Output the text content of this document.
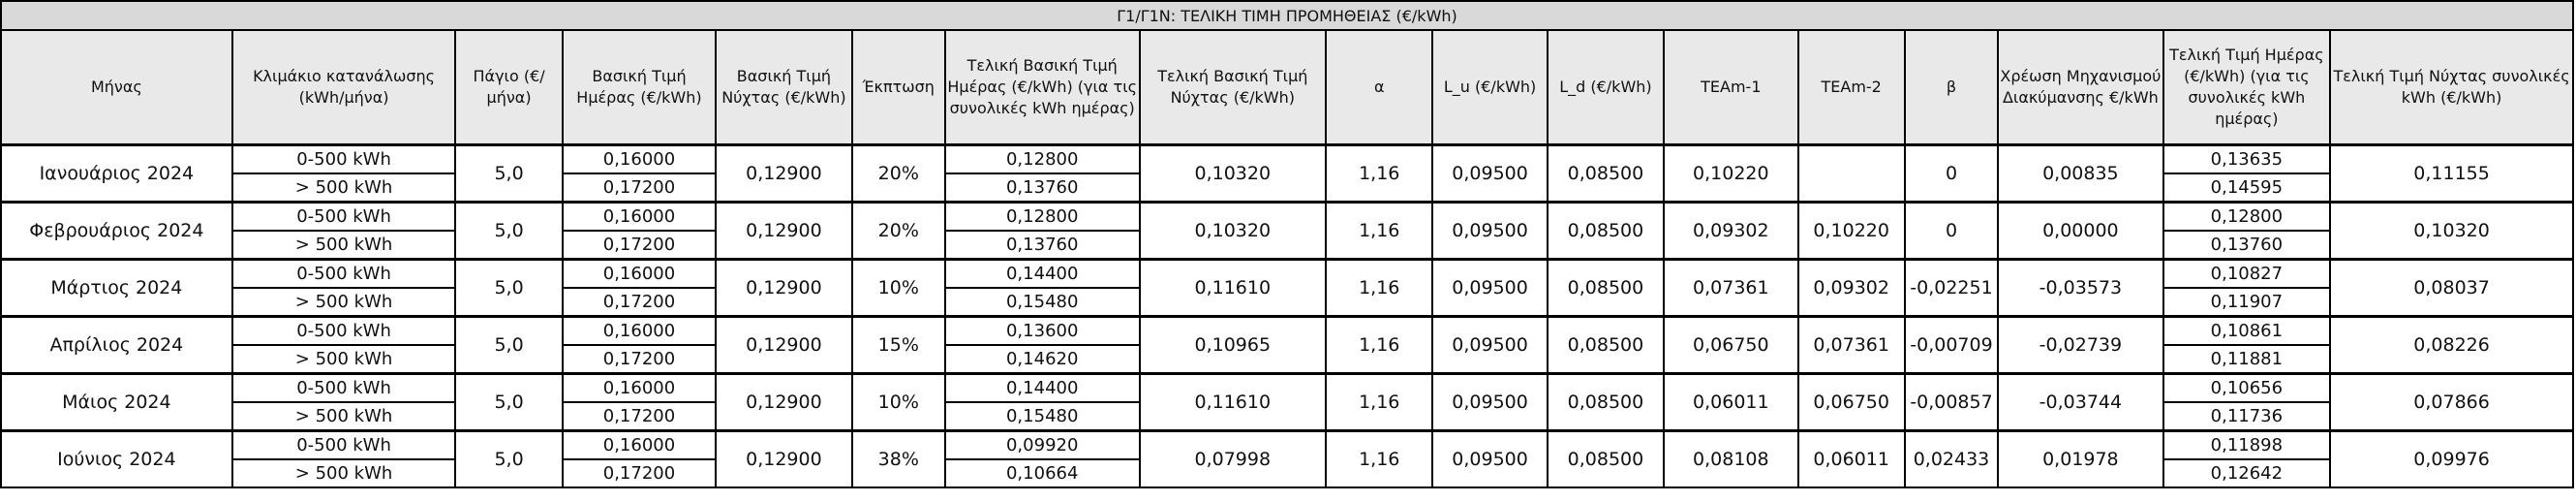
Γ1/Γ1Ν: ΤΕΛΙΚΗ ΤΙΜΗ ΠΡΟΜΗΘΕΙΑΣ (€/kWh)																
Μήνας	Κλιμάκιο κατανάλωσης (kWh/μήνα)	Πάγιο (€/μήνα)	Βασική Τιμή Ημέρας (€/kWh)	Βασική Τιμή Νύχτας (€/kWh)	Έκπτωση	Τελική Βασική Τιμή Ημέρας (€/kWh) (για τις συνολικές kWh ημέρας)	Τελική Βασική Τιμή Νύχτας (€/kWh)	α	L_u (€/kWh)	L_d (€/kWh)	TEAm-1	TEAm-2	β	Χρέωση Μηχανισμού Διακύμανσης €/kWh	Τελική Τιμή Ημέρας (€/kWh) (για τις συνολικές kWh ημέρας)	Τελική Τιμή Νύχτας συνολικές kWh (€/kWh)
Ιανουάριος 2024	0-500 kWh	5,0	0,16000	0,12900	20%	0,12800	0,10320	1,16	0,09500	0,08500	0,10220		0	0,00835	0,13635	0,11155
	> 500 kWh		0,17200			0,13760									0,14595	
Φεβρουάριος 2024	0-500 kWh	5,0	0,16000	0,12900	20%	0,12800	0,10320	1,16	0,09500	0,08500	0,09302	0,10220	0	0,00000	0,12800	0,10320
	> 500 kWh		0,17200			0,13760									0,13760	
Μάρτιος 2024	0-500 kWh	5,0	0,16000	0,12900	10%	0,14400	0,11610	1,16	0,09500	0,08500	0,07361	0,09302	-0,02251	-0,03573	0,10827	0,08037
	> 500 kWh		0,17200			0,15480									0,11907	
Απρίλιος 2024	0-500 kWh	5,0	0,16000	0,12900	15%	0,13600	0,10965	1,16	0,09500	0,08500	0,06750	0,07361	-0,00709	-0,02739	0,10861	0,08226
	> 500 kWh		0,17200			0,14620									0,11881	
Μάιος 2024	0-500 kWh	5,0	0,16000	0,12900	10%	0,14400	0,11610	1,16	0,09500	0,08500	0,06011	0,06750	-0,00857	-0,03744	0,10656	0,07866
	> 500 kWh		0,17200			0,15480									0,11736	
Ιούνιος 2024	0-500 kWh	5,0	0,16000	0,12900	38%	0,09920	0,07998	1,16	0,09500	0,08500	0,08108	0,06011	0,02433	0,01978	0,11898	0,09976
	> 500 kWh		0,17200			0,10664									0,12642	
